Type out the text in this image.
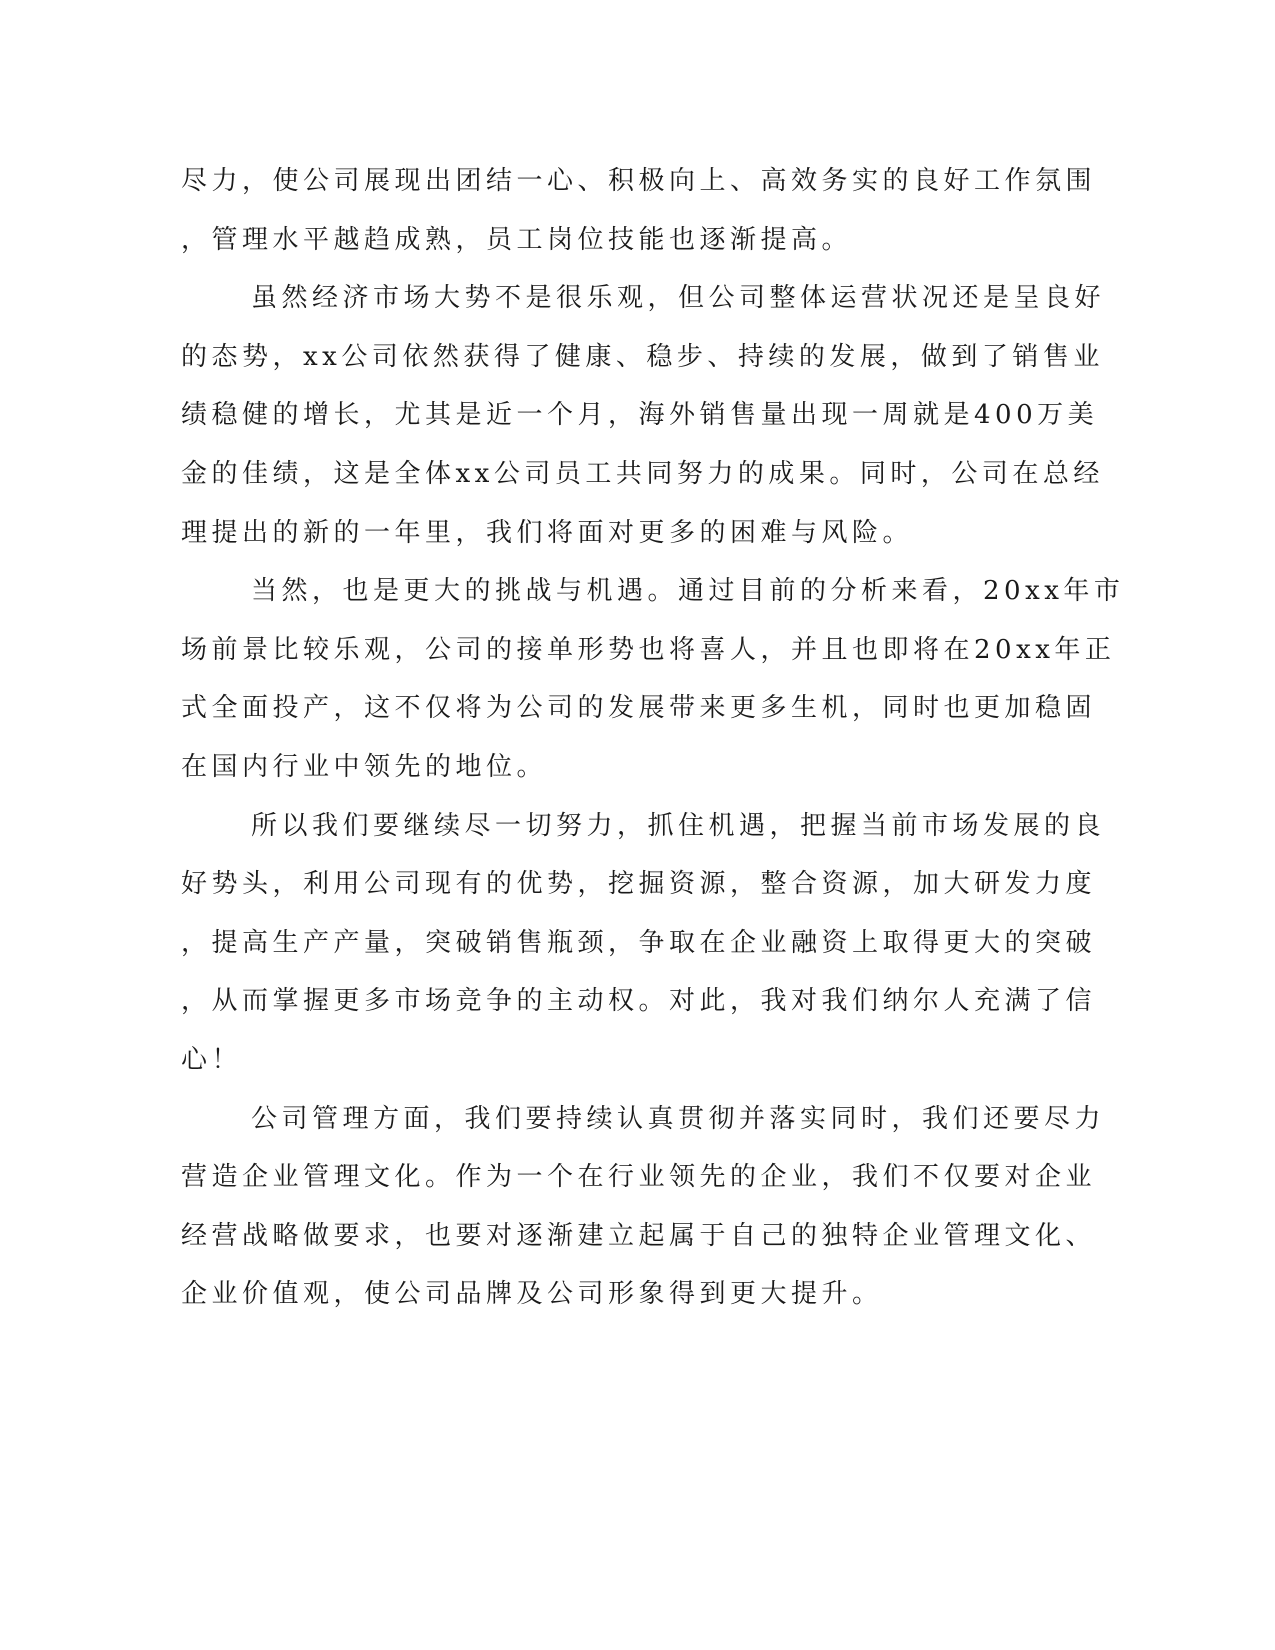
尽力，使公司展现出团结一心、积极向上、高效务实的良好工作氛围
，管理水平越趋成熟，员工岗位技能也逐渐提高。
虽然经济市场大势不是很乐观，但公司整体运营状况还是呈良好
的态势，xx公司依然获得了健康、稳步、持续的发展，做到了销售业
绩稳健的增长，尤其是近一个月，海外销售量出现一周就是400万美
金的佳绩，这是全体xx公司员工共同努力的成果。同时，公司在总经
理提出的新的一年里，我们将面对更多的困难与风险。
当然，也是更大的挑战与机遇。通过目前的分析来看，20xx年市
场前景比较乐观，公司的接单形势也将喜人，并且也即将在20xx年正
式全面投产，这不仅将为公司的发展带来更多生机，同时也更加稳固
在国内行业中领先的地位。
所以我们要继续尽一切努力，抓住机遇，把握当前市场发展的良
好势头，利用公司现有的优势，挖掘资源，整合资源，加大研发力度
，提高生产产量，突破销售瓶颈，争取在企业融资上取得更大的突破
，从而掌握更多市场竞争的主动权。对此，我对我们纳尔人充满了信
心！
公司管理方面，我们要持续认真贯彻并落实同时，我们还要尽力
营造企业管理文化。作为一个在行业领先的企业，我们不仅要对企业
经营战略做要求，也要对逐渐建立起属于自己的独特企业管理文化、
企业价值观，使公司品牌及公司形象得到更大提升。
